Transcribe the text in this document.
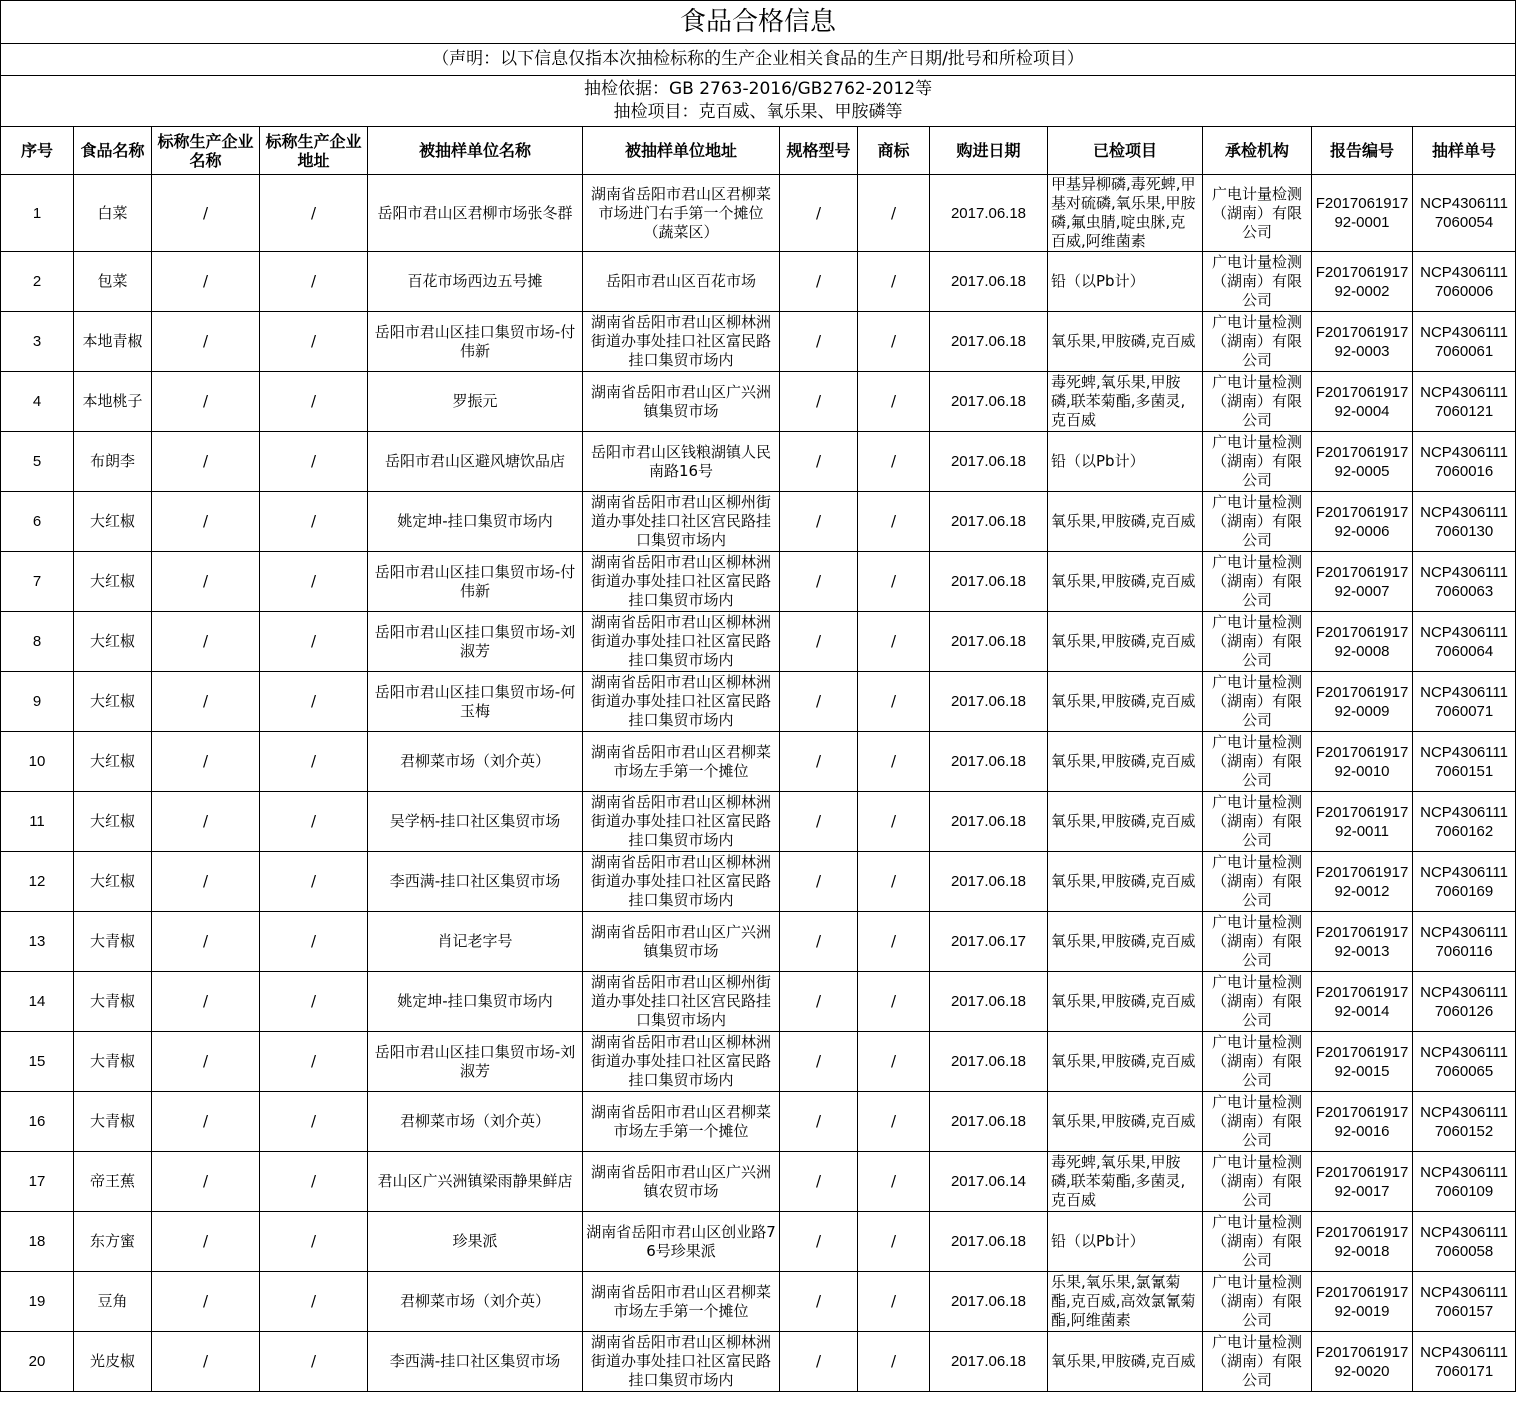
食品合格信息												
（声明：以下信息仅指本次抽检标称的生产企业相关食品的生产日期/批号和所检项目）												

抽检依据：GB 2763-2016/GB2762-2012等
抽检项目：克百威、氧乐果、甲胺磷等												

序号	食品名称	标称生产企业名称	标称生产企业地址	被抽样单位名称	被抽样单位地址	规格型号	商标	购进日期	已检项目	承检机构	报告编号	抽样单号
1	白菜	/	/	岳阳市君山区君柳市场张冬群	湖南省岳阳市君山区君柳菜市场进门右手第一个摊位（蔬菜区）	/	/	2017.06.18	甲基异柳磷,毒死蜱,甲基对硫磷,氧乐果,甲胺磷,氟虫腈,啶虫脒,克百威,阿维菌素	广电计量检测（湖南）有限公司	F201706191792-0001	NCP43061117060054
2	包菜	/	/	百花市场西边五号摊	岳阳市君山区百花市场	/	/	2017.06.18	铅（以Pb计）	广电计量检测（湖南）有限公司	F201706191792-0002	NCP43061117060006
3	本地青椒	/	/	岳阳市君山区挂口集贸市场-付伟新	湖南省岳阳市君山区柳林洲街道办事处挂口社区富民路挂口集贸市场内	/	/	2017.06.18	氧乐果,甲胺磷,克百威	广电计量检测（湖南）有限公司	F201706191792-0003	NCP43061117060061
4	本地桃子	/	/	罗振元	湖南省岳阳市君山区广兴洲镇集贸市场	/	/	2017.06.18	毒死蜱,氧乐果,甲胺磷,联苯菊酯,多菌灵,克百威	广电计量检测（湖南）有限公司	F201706191792-0004	NCP43061117060121
5	布朗李	/	/	岳阳市君山区避风塘饮品店	岳阳市君山区钱粮湖镇人民南路16号	/	/	2017.06.18	铅（以Pb计）	广电计量检测（湖南）有限公司	F201706191792-0005	NCP43061117060016
6	大红椒	/	/	姚定坤-挂口集贸市场内	湖南省岳阳市君山区柳州街道办事处挂口社区宫民路挂口集贸市场内	/	/	2017.06.18	氧乐果,甲胺磷,克百威	广电计量检测（湖南）有限公司	F201706191792-0006	NCP43061117060130
7	大红椒	/	/	岳阳市君山区挂口集贸市场-付伟新	湖南省岳阳市君山区柳林洲街道办事处挂口社区富民路挂口集贸市场内	/	/	2017.06.18	氧乐果,甲胺磷,克百威	广电计量检测（湖南）有限公司	F201706191792-0007	NCP43061117060063
8	大红椒	/	/	岳阳市君山区挂口集贸市场-刘淑芳	湖南省岳阳市君山区柳林洲街道办事处挂口社区富民路挂口集贸市场内	/	/	2017.06.18	氧乐果,甲胺磷,克百威	广电计量检测（湖南）有限公司	F201706191792-0008	NCP43061117060064
9	大红椒	/	/	岳阳市君山区挂口集贸市场-何玉梅	湖南省岳阳市君山区柳林洲街道办事处挂口社区富民路挂口集贸市场内	/	/	2017.06.18	氧乐果,甲胺磷,克百威	广电计量检测（湖南）有限公司	F201706191792-0009	NCP43061117060071
10	大红椒	/	/	君柳菜市场（刘介英）	湖南省岳阳市君山区君柳菜市场左手第一个摊位	/	/	2017.06.18	氧乐果,甲胺磷,克百威	广电计量检测（湖南）有限公司	F201706191792-0010	NCP43061117060151
11	大红椒	/	/	吴学柄-挂口社区集贸市场	湖南省岳阳市君山区柳林洲街道办事处挂口社区富民路挂口集贸市场内	/	/	2017.06.18	氧乐果,甲胺磷,克百威	广电计量检测（湖南）有限公司	F201706191792-0011	NCP43061117060162
12	大红椒	/	/	李西满-挂口社区集贸市场	湖南省岳阳市君山区柳林洲街道办事处挂口社区富民路挂口集贸市场内	/	/	2017.06.18	氧乐果,甲胺磷,克百威	广电计量检测（湖南）有限公司	F201706191792-0012	NCP43061117060169
13	大青椒	/	/	肖记老字号	湖南省岳阳市君山区广兴洲镇集贸市场	/	/	2017.06.17	氧乐果,甲胺磷,克百威	广电计量检测（湖南）有限公司	F201706191792-0013	NCP43061117060116
14	大青椒	/	/	姚定坤-挂口集贸市场内	湖南省岳阳市君山区柳州街道办事处挂口社区宫民路挂口集贸市场内	/	/	2017.06.18	氧乐果,甲胺磷,克百威	广电计量检测（湖南）有限公司	F201706191792-0014	NCP43061117060126
15	大青椒	/	/	岳阳市君山区挂口集贸市场-刘淑芳	湖南省岳阳市君山区柳林洲街道办事处挂口社区富民路挂口集贸市场内	/	/	2017.06.18	氧乐果,甲胺磷,克百威	广电计量检测（湖南）有限公司	F201706191792-0015	NCP43061117060065
16	大青椒	/	/	君柳菜市场（刘介英）	湖南省岳阳市君山区君柳菜市场左手第一个摊位	/	/	2017.06.18	氧乐果,甲胺磷,克百威	广电计量检测（湖南）有限公司	F201706191792-0016	NCP43061117060152
17	帝王蕉	/	/	君山区广兴洲镇梁雨静果鲜店	湖南省岳阳市君山区广兴洲镇农贸市场	/	/	2017.06.14	毒死蜱,氧乐果,甲胺磷,联苯菊酯,多菌灵,克百威	广电计量检测（湖南）有限公司	F201706191792-0017	NCP43061117060109
18	东方蜜	/	/	珍果派	湖南省岳阳市君山区创业路76号珍果派	/	/	2017.06.18	铅（以Pb计）	广电计量检测（湖南）有限公司	F201706191792-0018	NCP43061117060058
19	豆角	/	/	君柳菜市场（刘介英）	湖南省岳阳市君山区君柳菜市场左手第一个摊位	/	/	2017.06.18	乐果,氧乐果,氯氰菊酯,克百威,高效氯氰菊酯,阿维菌素	广电计量检测（湖南）有限公司	F201706191792-0019	NCP43061117060157
20	光皮椒	/	/	李西满-挂口社区集贸市场	湖南省岳阳市君山区柳林洲街道办事处挂口社区富民路挂口集贸市场内	/	/	2017.06.18	氧乐果,甲胺磷,克百威	广电计量检测（湖南）有限公司	F201706191792-0020	NCP43061117060171
